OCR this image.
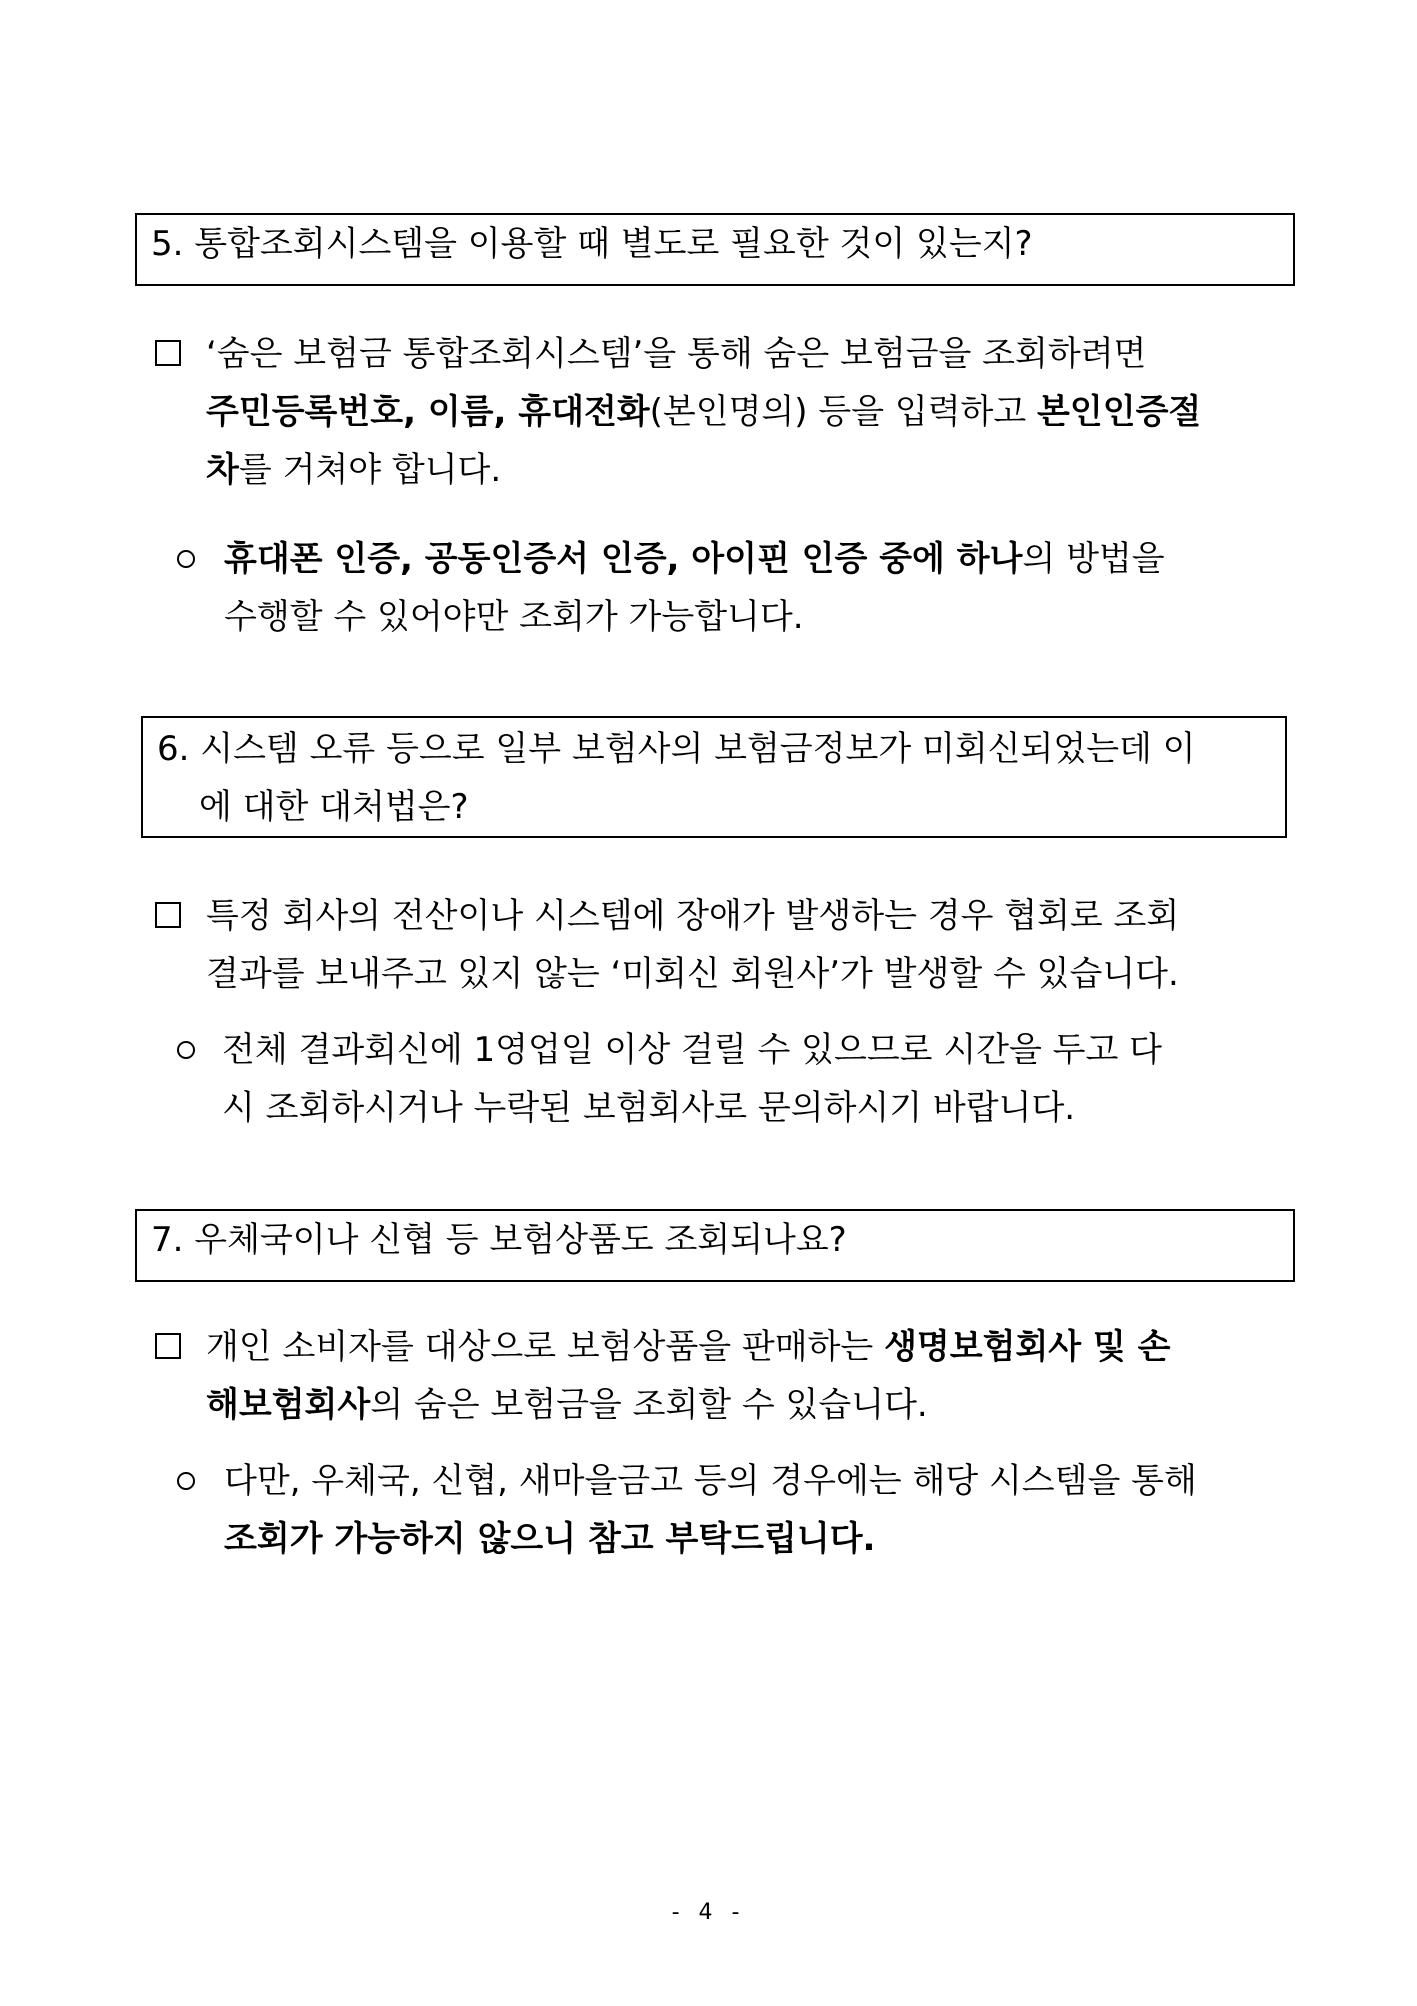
5. 통합조회시스템을 이용할 때 별도로 필요한 것이 있는지?
‘숨은 보험금 통합조회시스템’을 통해 숨은 보험금을 조회하려면
주민등록번호, 이름, 휴대전화(본인명의) 등을 입력하고 본인인증절
차를 거쳐야 합니다.
휴대폰 인증, 공동인증서 인증, 아이핀 인증 중에 하나의 방법을
수행할 수 있어야만 조회가 가능합니다.
6. 시스템 오류 등으로 일부 보험사의 보험금정보가 미회신되었는데 이
에 대한 대처법은?
특정 회사의 전산이나 시스템에 장애가 발생하는 경우 협회로 조회
결과를 보내주고 있지 않는 ‘미회신 회원사’가 발생할 수 있습니다.
전체 결과회신에 1영업일 이상 걸릴 수 있으므로 시간을 두고 다
시 조회하시거나 누락된 보험회사로 문의하시기 바랍니다.
7. 우체국이나 신협 등 보험상품도 조회되나요?
개인 소비자를 대상으로 보험상품을 판매하는 생명보험회사 및 손
해보험회사의 숨은 보험금을 조회할 수 있습니다.
다만, 우체국, 신협, 새마을금고 등의 경우에는 해당 시스템을 통해
조회가 가능하지 않으니 참고 부탁드립니다.
- 4 -
